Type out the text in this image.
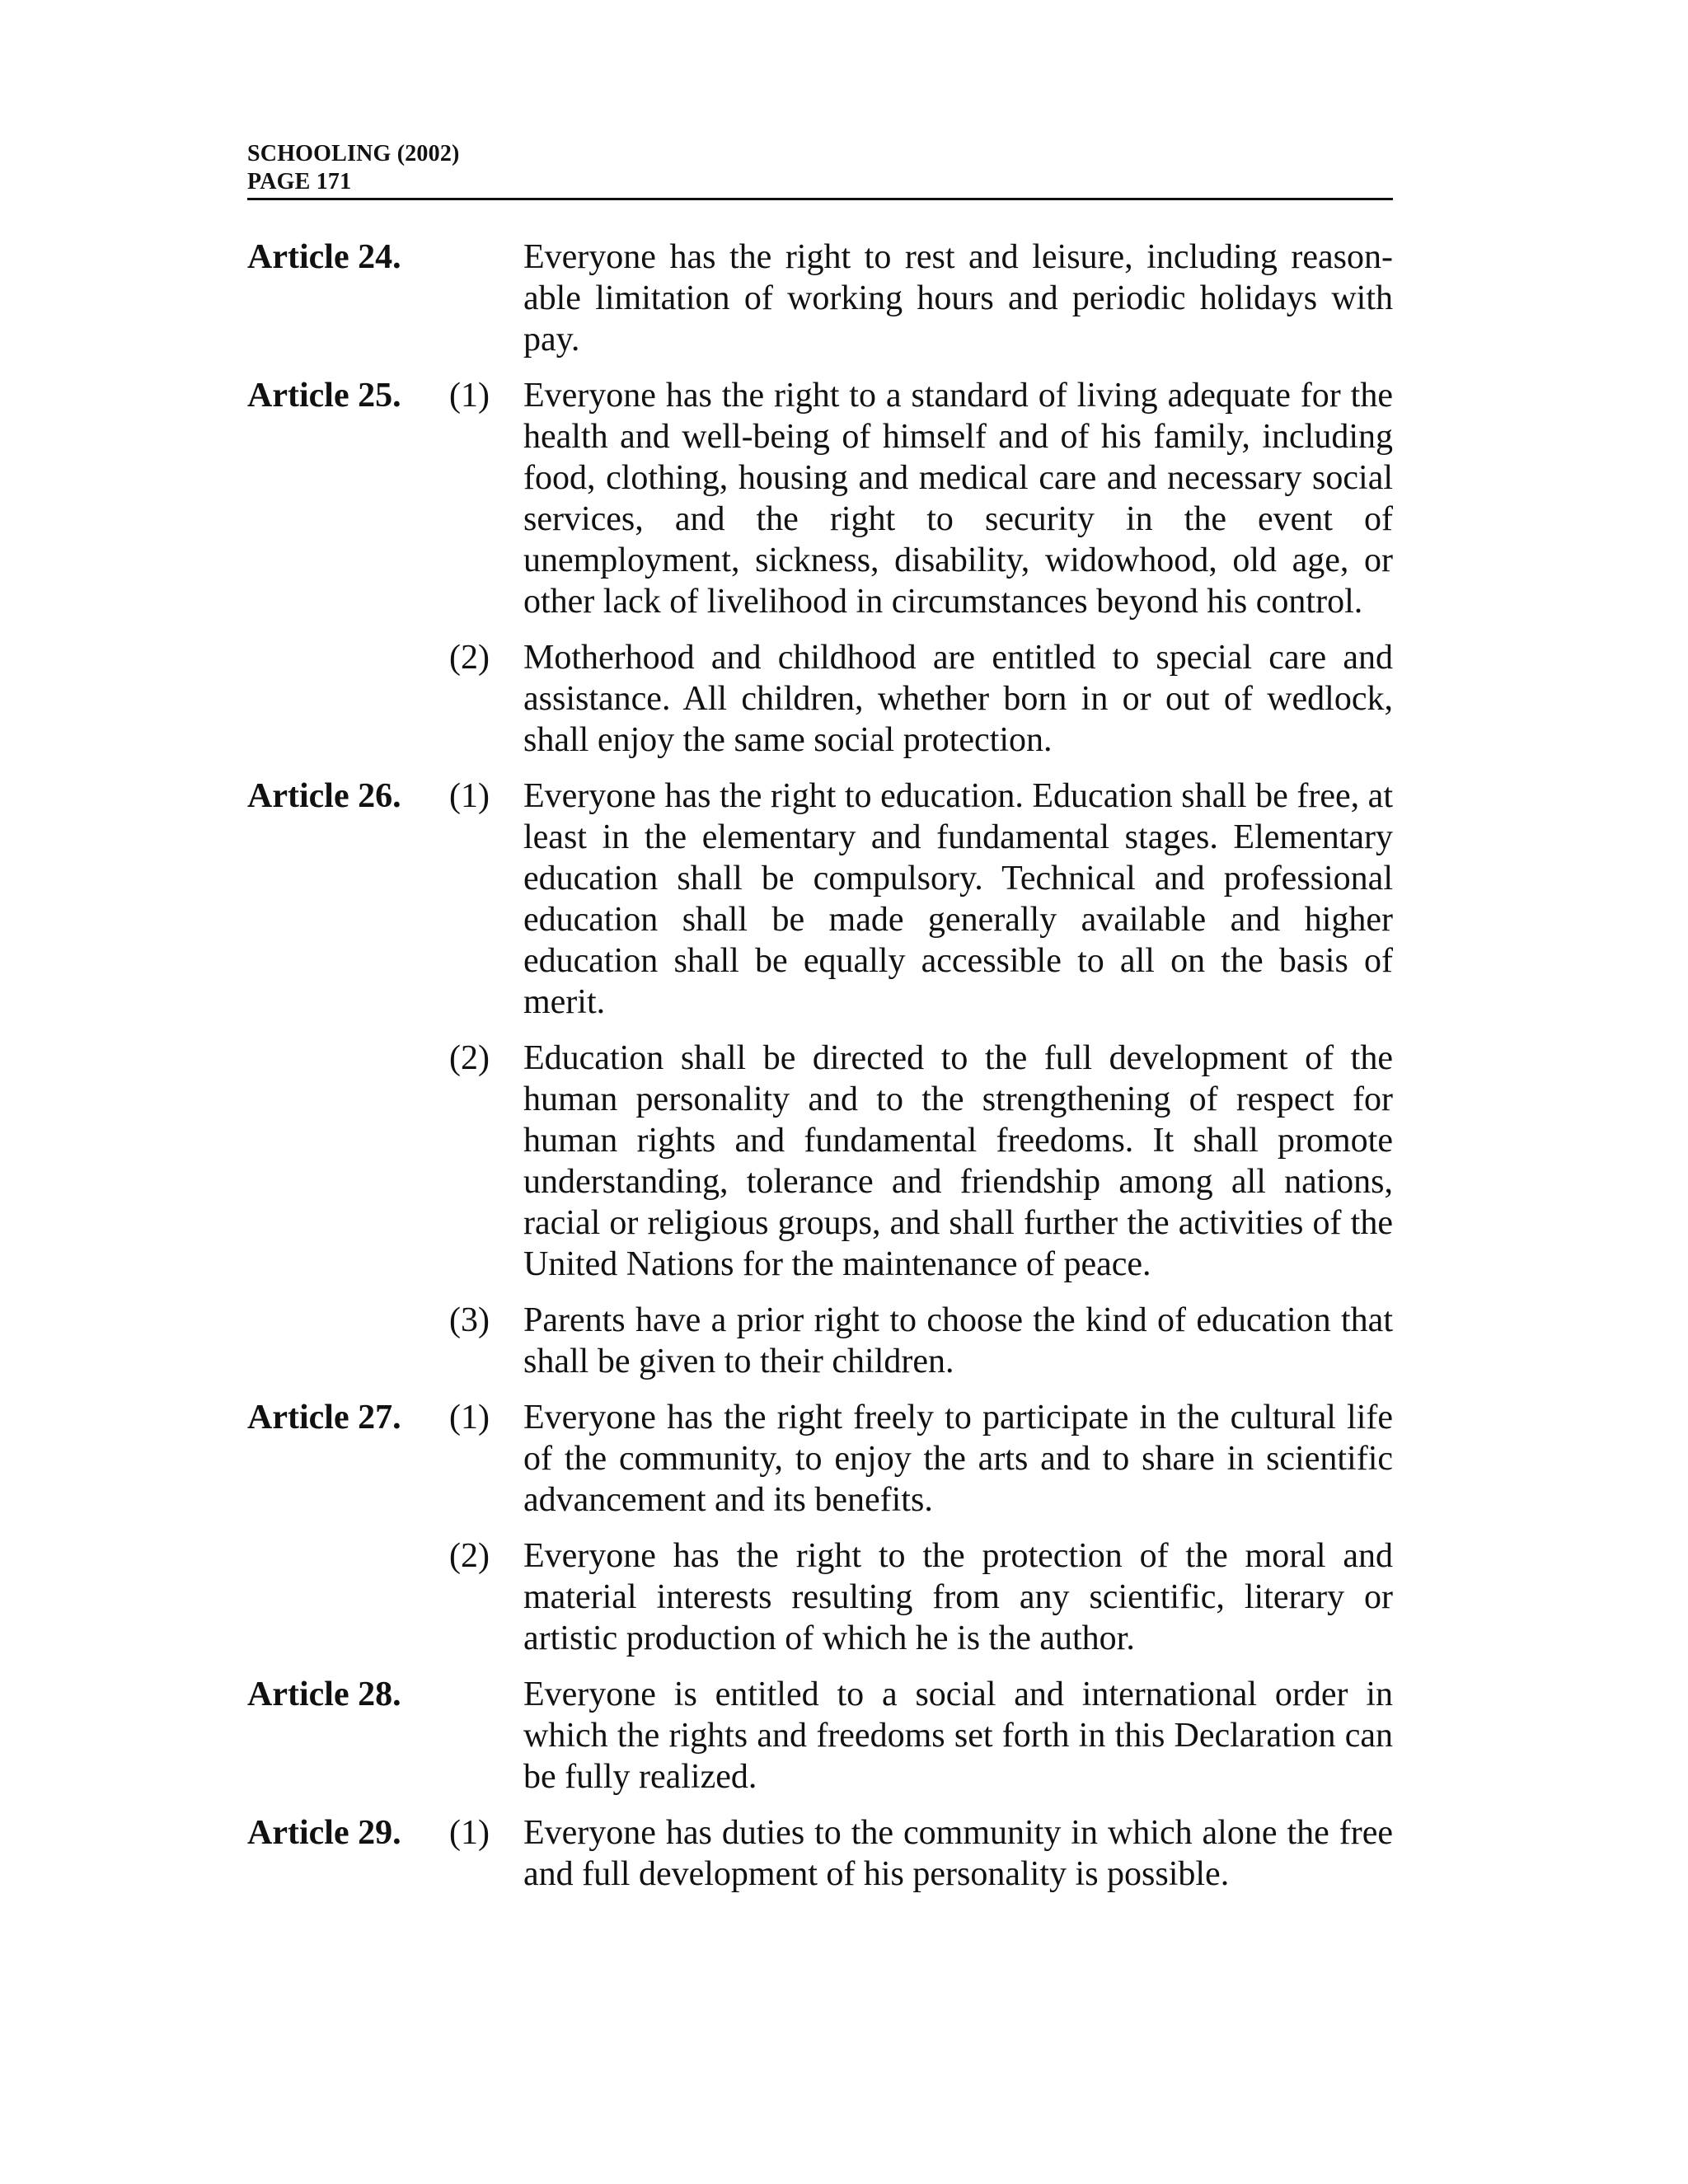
SCHOOLING (2002)
PAGE 171
Article 24.	Everyone has the right to rest and leisure, including reasonable limitation of working hours and periodic holidays with pay.
Article 25.	(1) Everyone has the right to a standard of living adequate for the health and well-being of himself and of his family, including food, clothing, housing and medical care and necessary social services, and the right to security in the event of unemployment, sickness, disability, widowhood, old age, or other lack of livelihood in circumstances beyond his control.
(2) Motherhood and childhood are entitled to special care and assistance. All children, whether born in or out of wedlock, shall enjoy the same social protection.
Article 26.	(1) Everyone has the right to education. Education shall be free, at least in the elementary and fundamental stages. Elementary education shall be compulsory. Technical and professional education shall be made generally available and higher education shall be equally accessible to all on the basis of merit.
(2) Education shall be directed to the full development of the human personality and to the strengthening of respect for human rights and fundamental freedoms. It shall promote understanding, tolerance and friendship among all nations, racial or religious groups, and shall further the activities of the United Nations for the maintenance of peace.
(3) Parents have a prior right to choose the kind of education that shall be given to their children.
Article 27.	(1) Everyone has the right freely to participate in the cultural life of the community, to enjoy the arts and to share in scientific advancement and its benefits.
(2) Everyone has the right to the protection of the moral and material interests resulting from any scientific, literary or artistic production of which he is the author.
Article 28.	Everyone is entitled to a social and international order in which the rights and freedoms set forth in this Declaration can be fully realized.
Article 29.	(1) Everyone has duties to the community in which alone the free and full development of his personality is possible.
